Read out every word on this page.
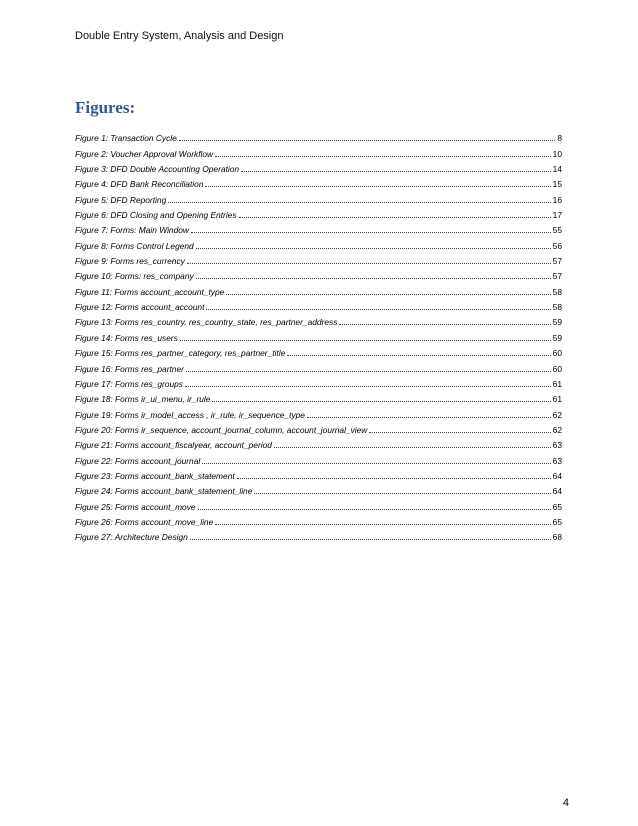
Double Entry System, Analysis and Design
Figures:
Figure 1: Transaction Cycle	8
Figure 2: Voucher Approval Workflow	10
Figure 3: DFD Double Accounting Operation	14
Figure 4: DFD Bank Reconciliation	15
Figure 5: DFD Reporting	16
Figure 6: DFD Closing and Opening Entries	17
Figure 7: Forms: Main Window	55
Figure 8: Forms Control Legend	56
Figure 9: Forms res_currency	57
Figure 10: Forms: res_company	57
Figure 11: Forms account_account_type	58
Figure 12: Forms account_account	58
Figure 13: Forms res_country, res_country_state, res_partner_address	59
Figure 14: Forms res_users	59
Figure 15: Forms res_partner_category, res_partner_title	60
Figure 16: Forms res_partner	60
Figure 17: Forms res_groups	61
Figure 18: Forms ir_ui_menu, ir_rule	61
Figure 19: Forms ir_model_access , ir_rule, ir_sequence_type	62
Figure 20: Forms ir_sequence, account_journal_column, account_journal_view	62
Figure 21: Forms account_fiscalyear, account_period	63
Figure 22: Forms account_journal	63
Figure 23: Forms account_bank_statement	64
Figure 24: Forms account_bank_statement_line	64
Figure 25: Forms account_move	65
Figure 26: Forms account_move_line	65
Figure 27: Architecture Design	68
4
